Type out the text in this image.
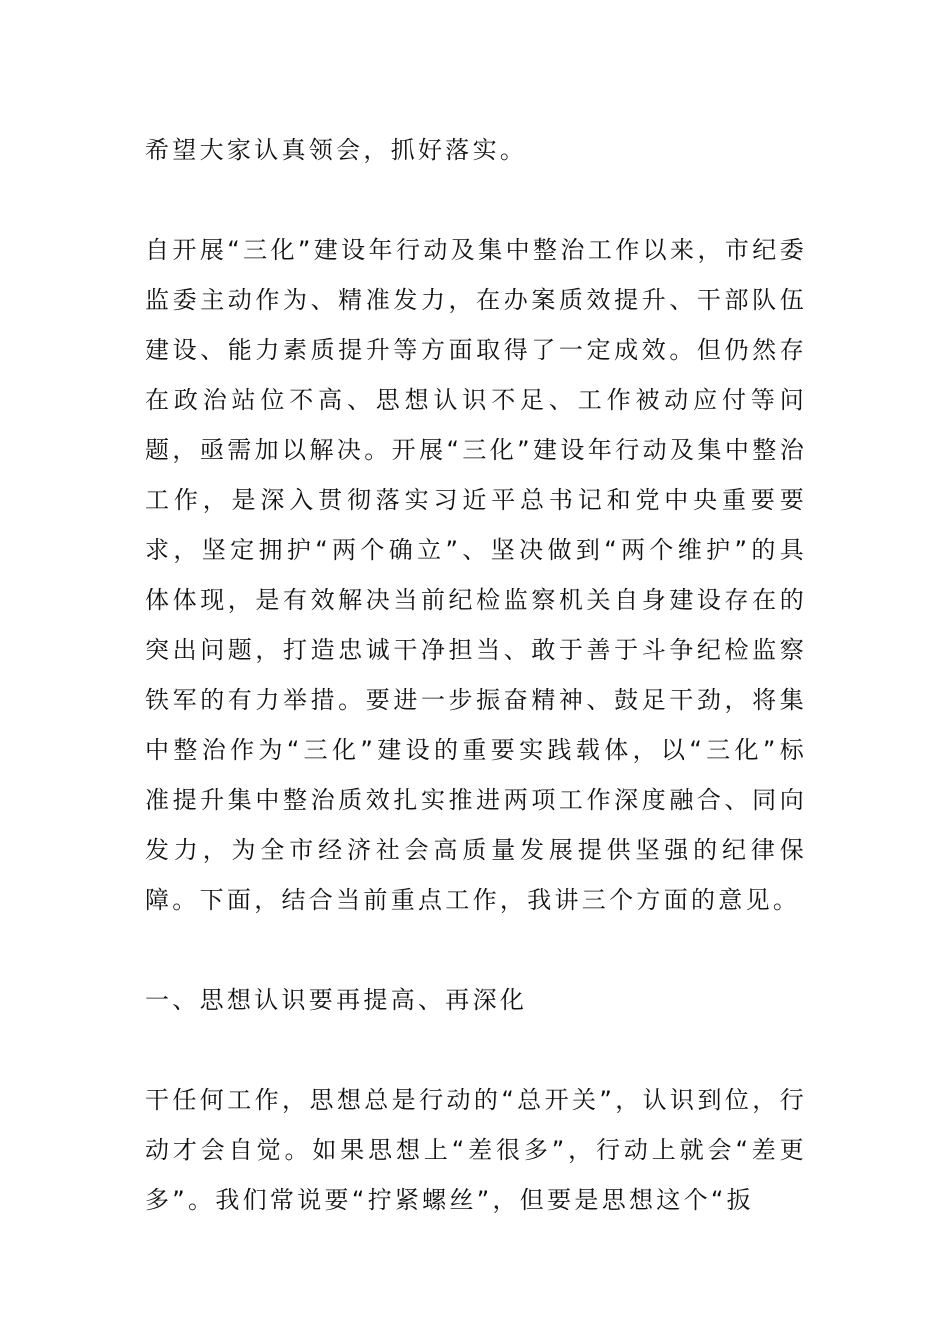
希望大家认真领会，抓好落实。

自开展“三化”建设年行动及集中整治工作以来，市纪委监委主动作为、精准发力，在办案质效提升、干部队伍建设、能力素质提升等方面取得了一定成效。但仍然存在政治站位不高、思想认识不足、工作被动应付等问题，亟需加以解决。开展“三化”建设年行动及集中整治工作，是深入贯彻落实习近平总书记和党中央重要要求，坚定拥护“两个确立”、坚决做到“两个维护”的具体体现，是有效解决当前纪检监察机关自身建设存在的突出问题，打造忠诚干净担当、敢于善于斗争纪检监察铁军的有力举措。要进一步振奋精神、鼓足干劲，将集中整治作为“三化”建设的重要实践载体，以“三化”标准提升集中整治质效扎实推进两项工作深度融合、同向发力，为全市经济社会高质量发展提供坚强的纪律保障。下面，结合当前重点工作，我讲三个方面的意见。

一、思想认识要再提高、再深化

干任何工作，思想总是行动的“总开关”，认识到位，行动才会自觉。如果思想上“差很多”，行动上就会“差更多”。我们常说要“拧紧螺丝”，但要是思想这个“扳
